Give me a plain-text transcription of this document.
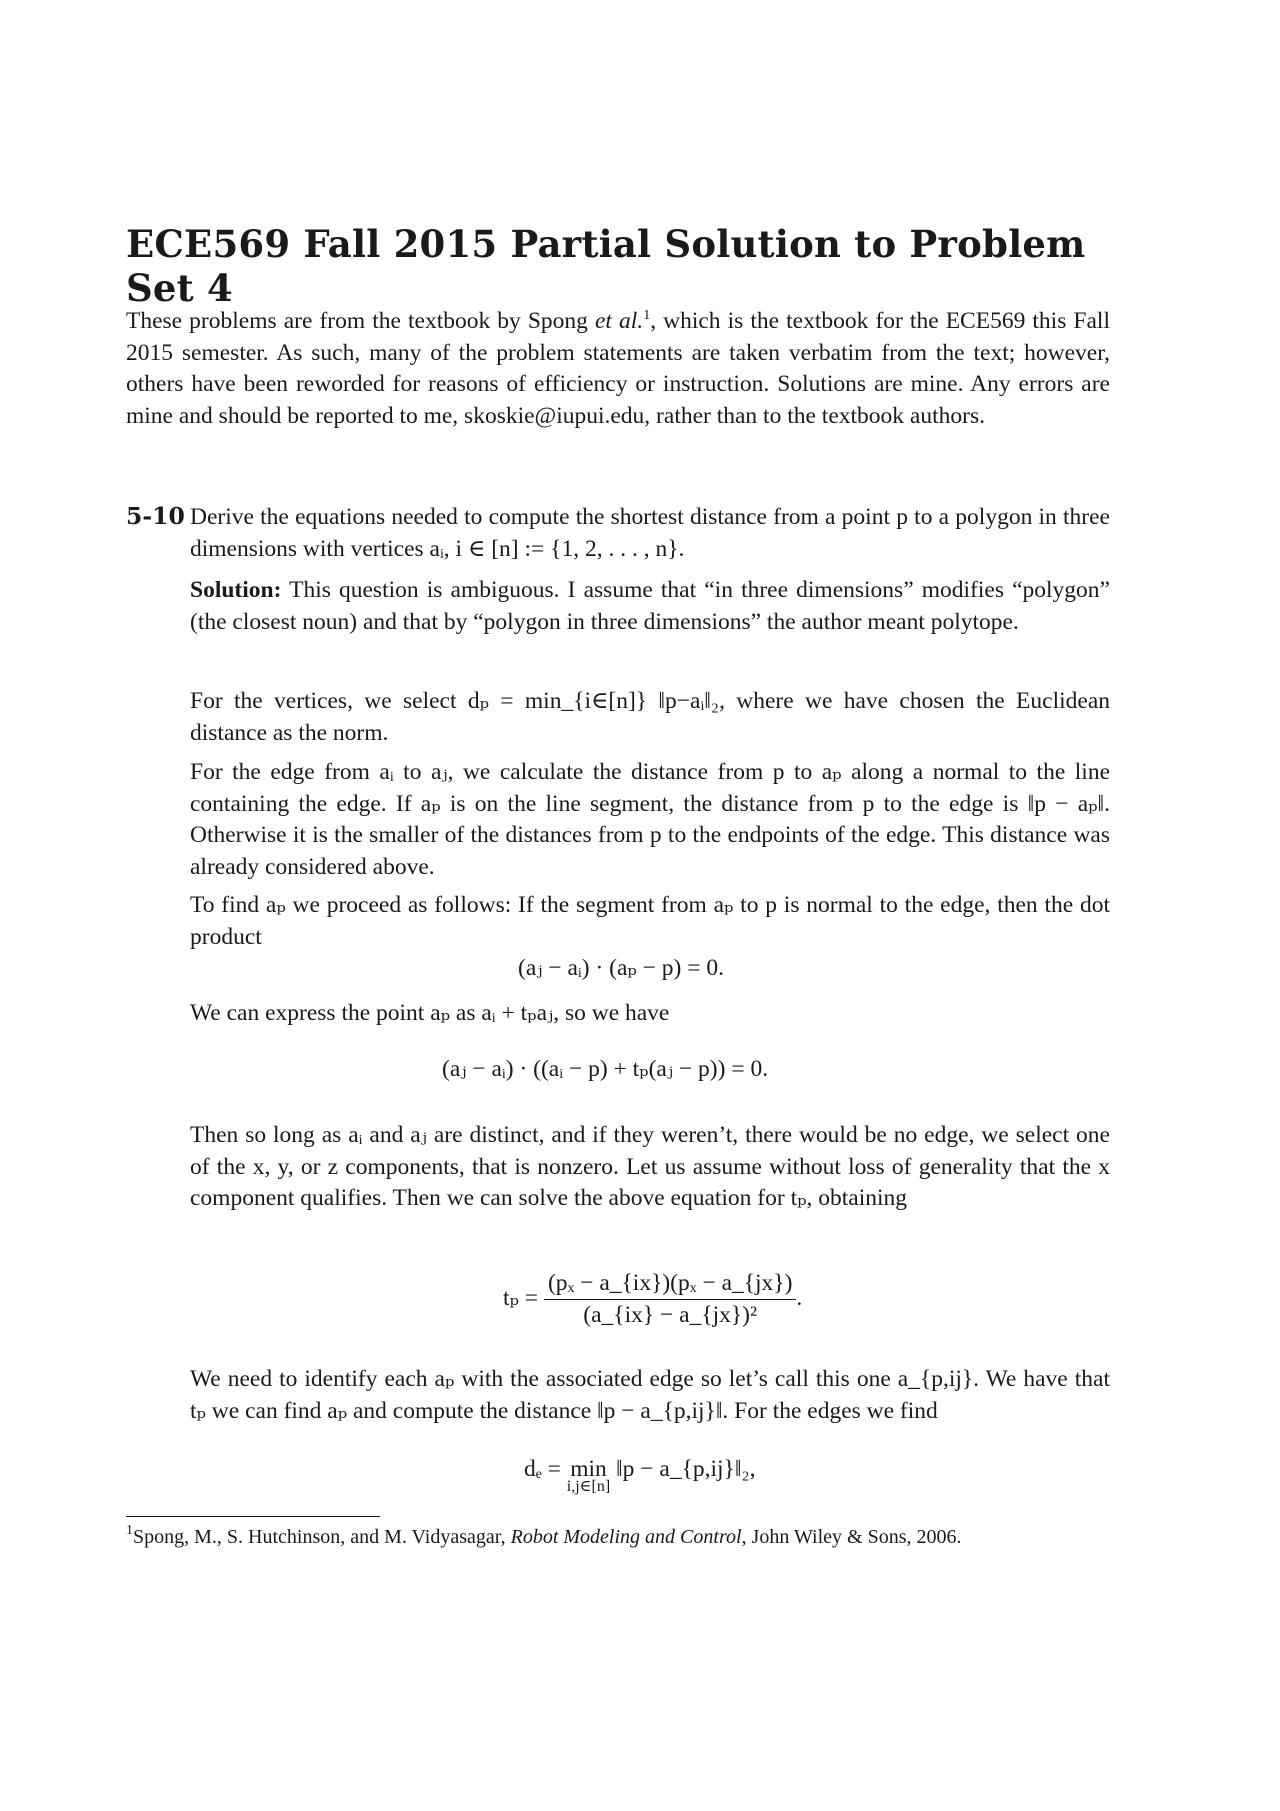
ECE569 Fall 2015 Partial Solution to Problem Set 4

These problems are from the textbook by Spong et al.$^1$, which is the textbook for the ECE569 this Fall 2015 semester. As such, many of the problem statements are taken verbatim from the text; however, others have been reworded for reasons of efficiency or instruction. Solutions are mine. Any errors are mine and should be reported to me, skoskie@iupui.edu, rather than to the textbook authors.

5-10 Derive the equations needed to compute the shortest distance from a point p to a polygon in three dimensions with vertices aᵢ, i ∈ [n] := {1, 2, . . . , n}.

Solution: This question is ambiguous. I assume that “in three dimensions” modifies “polygon” (the closest noun) and that by “polygon in three dimensions” the author meant polytope.

For the vertices, we select dₚ = min_{i∈[n]} ‖p−aᵢ‖₂, where we have chosen the Euclidean distance as the norm.

For the edge from aᵢ to aⱼ, we calculate the distance from p to aₚ along a normal to the line containing the edge. If aₚ is on the line segment, the distance from p to the edge is ‖p − aₚ‖. Otherwise it is the smaller of the distances from p to the endpoints of the edge. This distance was already considered above.

To find aₚ we proceed as follows: If the segment from aₚ to p is normal to the edge, then the dot product

(aⱼ − aᵢ) · (aₚ − p) = 0.

We can express the point aₚ as aᵢ + tₚaⱼ, so we have

(aⱼ − aᵢ) · ((aᵢ − p) + tₚ(aⱼ − p)) = 0.

Then so long as aᵢ and aⱼ are distinct, and if they weren’t, there would be no edge, we select one of the x, y, or z components, that is nonzero. Let us assume without loss of generality that the x component qualifies. Then we can solve the above equation for tₚ, obtaining

$t_p = \frac{\text{(pₓ − a\_\{ix\})(pₓ − a\_\{jx\})}}{\text{(a\_\{ix\} − a\_\{jx\})²}}$ .

We need to identify each aₚ with the associated edge so let’s call this one a_{p,ij}. We have that tₚ we can find aₚ and compute the distance ‖p − a_{p,ij}‖. For the edges we find

dₑ = min
i,j∈[n]
‖p − a_{p,ij}‖₂,

$^1$Spong, M., S. Hutchinson, and M. Vidyasagar, Robot Modeling and Control, John Wiley & Sons, 2006.
